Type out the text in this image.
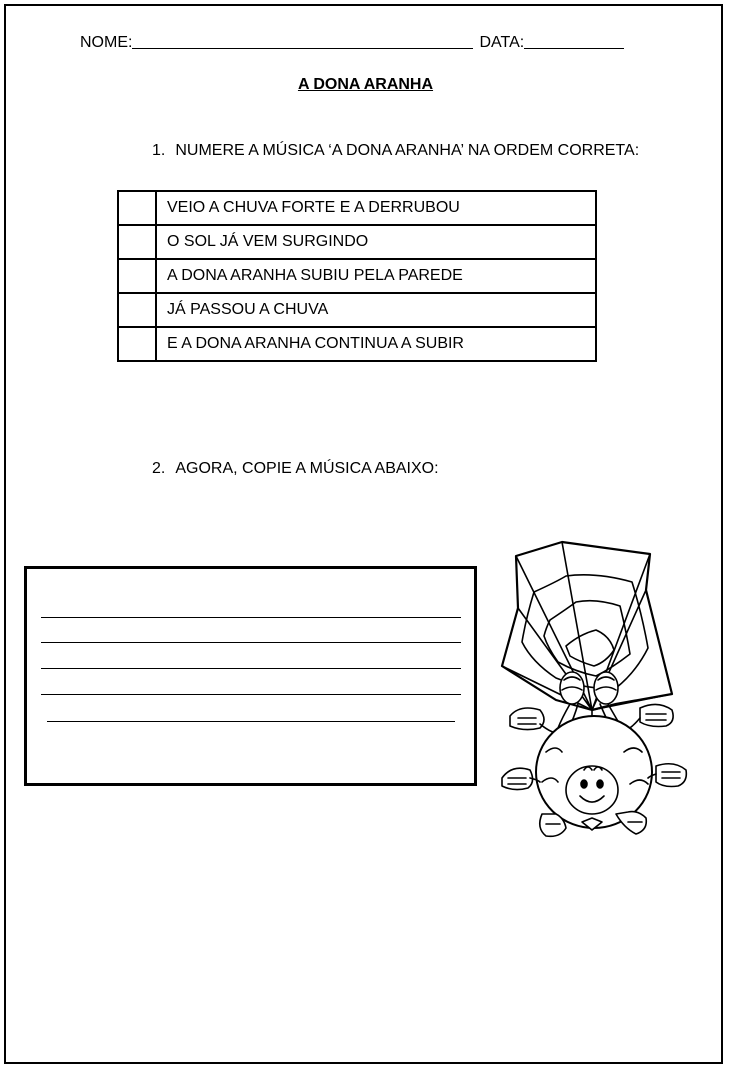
NOME:	DATA:
A DONA ARANHA
1. NUMERE A MÚSICA ‘A DONA ARANHA’ NA ORDEM CORRETA:
	VEIO A CHUVA FORTE E A DERRUBOU
	O SOL JÁ VEM SURGINDO
	A DONA ARANHA SUBIU PELA PAREDE
	JÁ PASSOU A CHUVA
	E A DONA ARANHA CONTINUA A SUBIR
2. AGORA, COPIE A MÚSICA ABAIXO:
